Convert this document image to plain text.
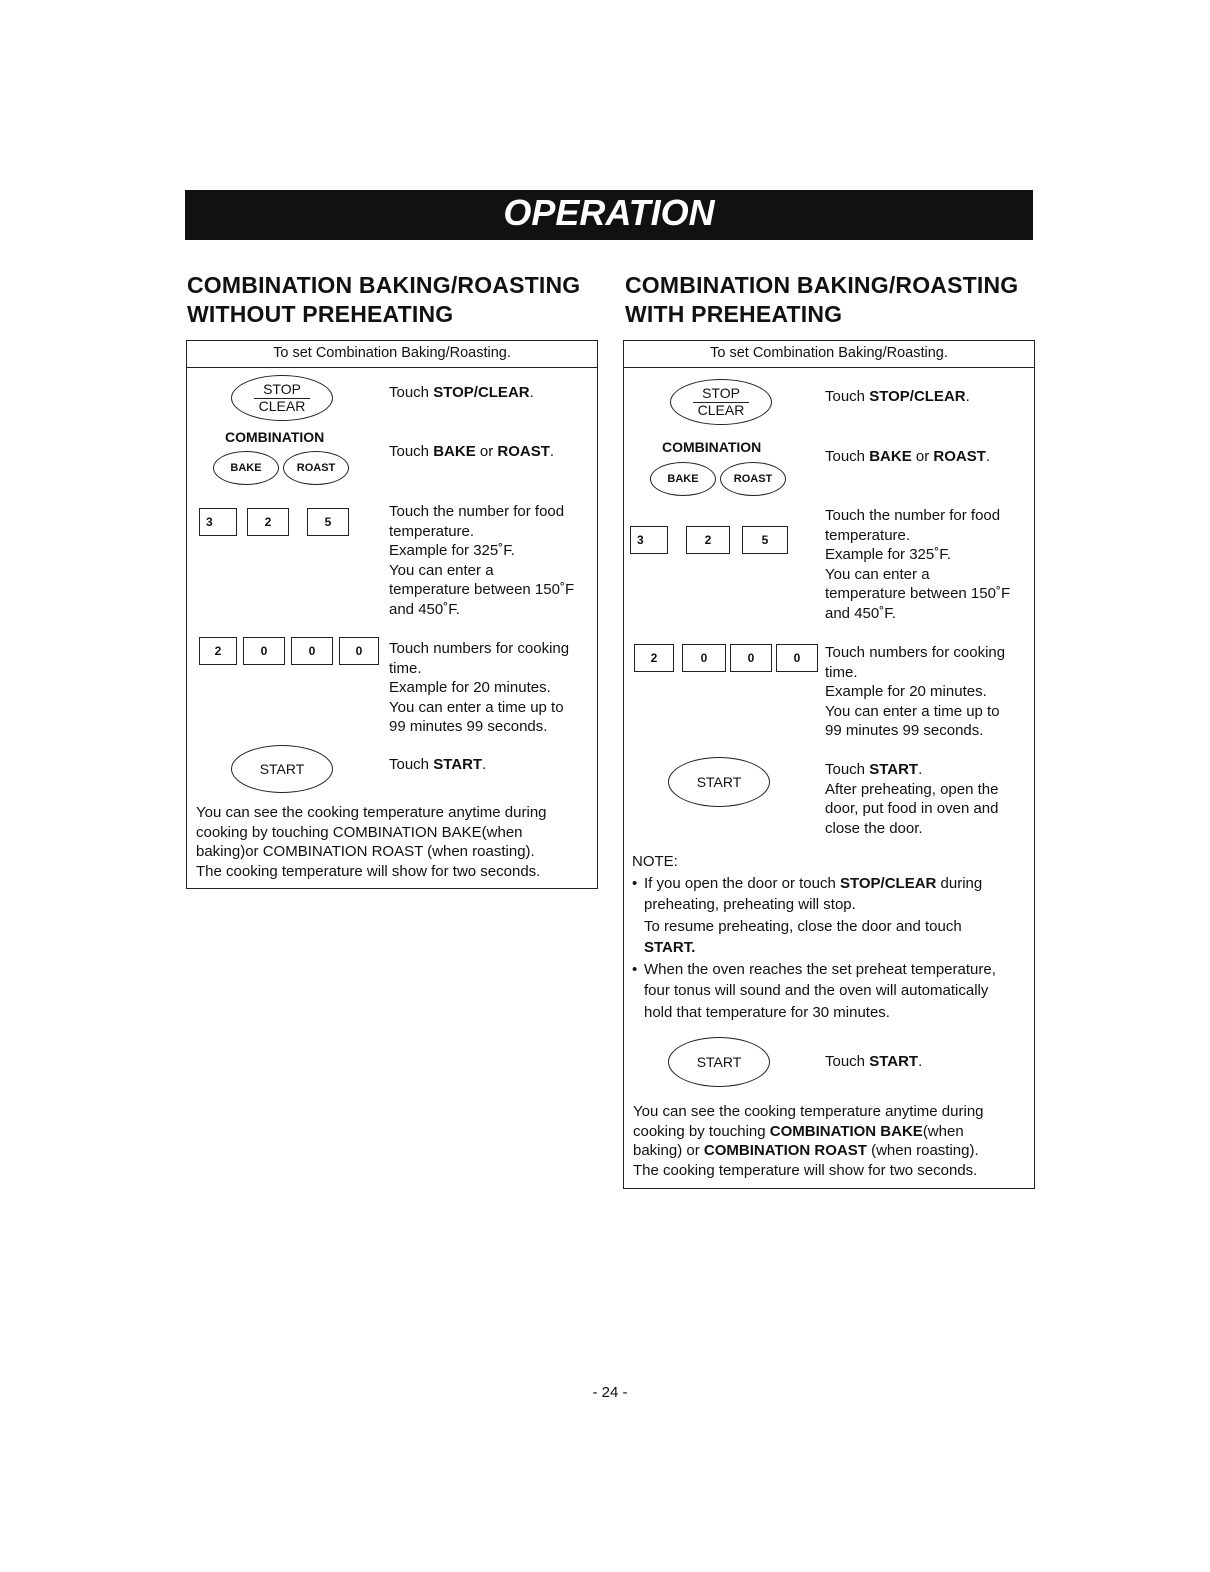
OPERATION
COMBINATION BAKING/ROASTING
WITHOUT PREHEATING
To set Combination Baking/Roasting.
STOP
CLEAR
Touch STOP/CLEAR.
COMBINATION
BAKE	ROAST
Touch BAKE or ROAST.
3	2	5
Touch the number for food
temperature.
Example for 325˚F.
You can enter a
temperature between 150˚F
and 450˚F.
2	0	0	0	Touch numbers for cooking
time.
Example for 20 minutes.
You can enter a time up to
99 minutes 99 seconds.
START	Touch START.
You can see the cooking temperature anytime during
cooking by touching COMBINATION BAKE(when
baking)or COMBINATION ROAST (when roasting).
The cooking temperature will show for two seconds.
COMBINATION BAKING/ROASTING
WITH PREHEATING
To set Combination Baking/Roasting.
STOP
CLEAR
Touch STOP/CLEAR.
COMBINATION
BAKE	ROAST
Touch BAKE or ROAST.
3	2	5
Touch the number for food
temperature.
Example for 325˚F.
You can enter a
temperature between 150˚F
and 450˚F.
2	0	0	0	Touch numbers for cooking
time.
Example for 20 minutes.
You can enter a time up to
99 minutes 99 seconds.
START
Touch START.
After preheating, open the
door, put food in oven and
close the door.
NOTE:
• If you open the door or touch STOP/CLEAR during
preheating, preheating will stop.
To resume preheating, close the door and touch
START.
• When the oven reaches the set preheat temperature,
four tonus will sound and the oven will automatically
hold that temperature for 30 minutes.
START	Touch START.
You can see the cooking temperature anytime during
cooking by touching COMBINATION BAKE(when
baking) or COMBINATION ROAST (when roasting).
The cooking temperature will show for two seconds.
- 24 -
